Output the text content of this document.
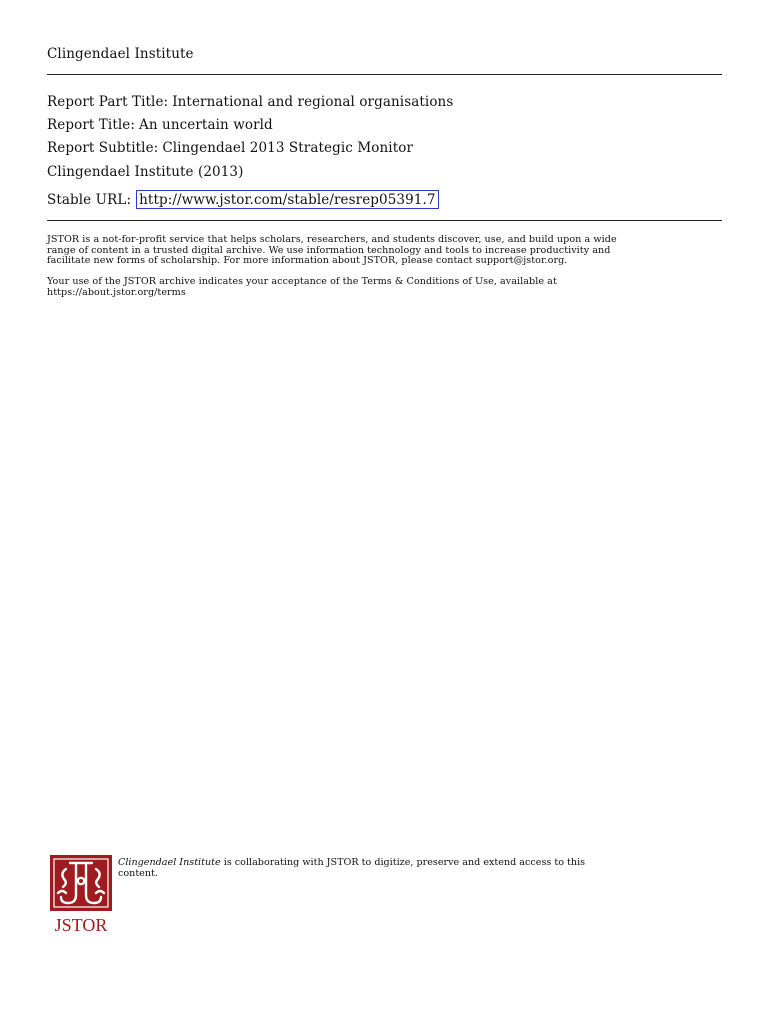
Clingendael Institute
Report Part Title: International and regional organisations
Report Title: An uncertain world
Report Subtitle: Clingendael 2013 Strategic Monitor
Clingendael Institute (2013)
Stable URL: http://www.jstor.com/stable/resrep05391.7
JSTOR is a not-for-profit service that helps scholars, researchers, and students discover, use, and build upon a wide
range of content in a trusted digital archive. We use information technology and tools to increase productivity and
facilitate new forms of scholarship. For more information about JSTOR, please contact support@jstor.org.
Your use of the JSTOR archive indicates your acceptance of the Terms & Conditions of Use, available at
https://about.jstor.org/terms
JSTOR
Clingendael Institute is collaborating with JSTOR to digitize, preserve and extend access to this
content.
